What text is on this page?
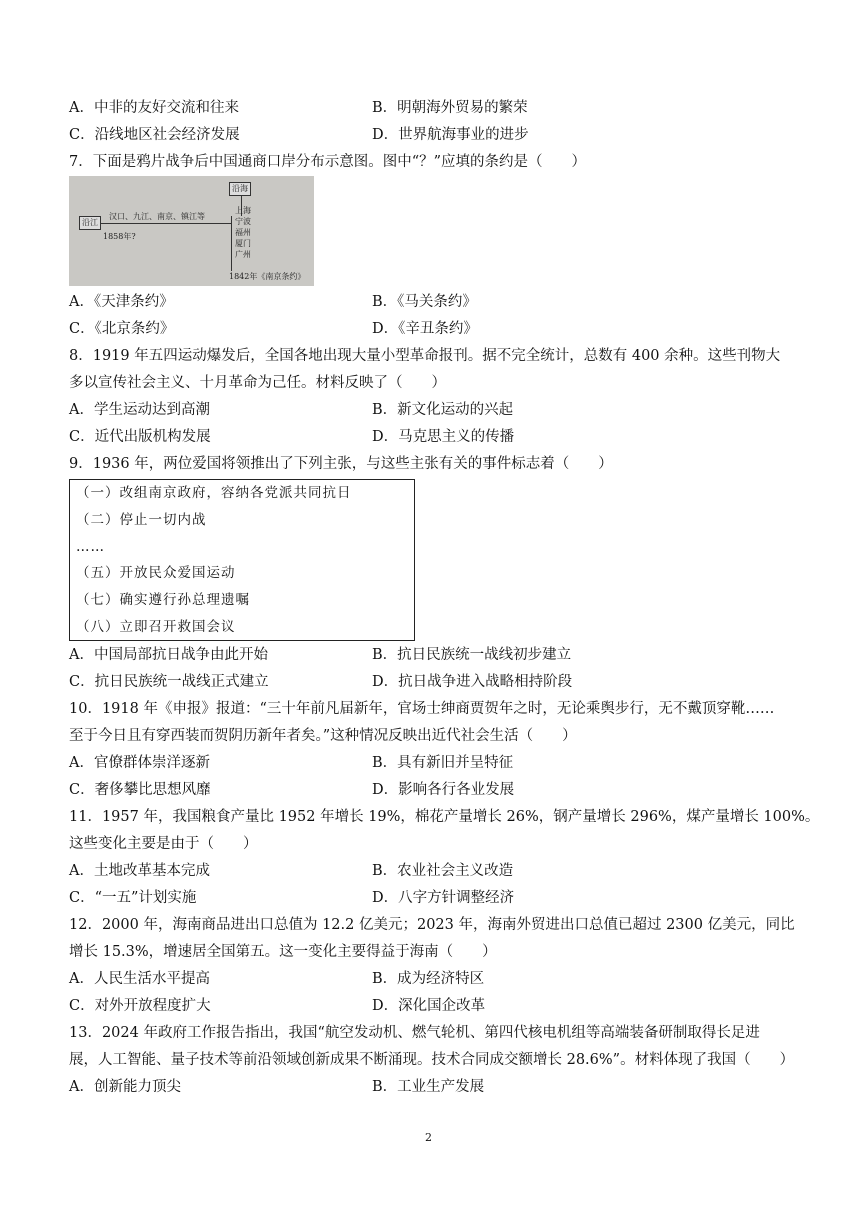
A．中非的友好交流和往来	B．明朝海外贸易的繁荣
C．沿线地区社会经济发展	D．世界航海事业的进步
7．下面是鸦片战争后中国通商口岸分布示意图。图中“？”应填的条约是（　　）
沿海
沿江
汉口、九江、南京、镇江等
1858年?
上海
宁波
福州
厦门
广州
1842年《南京条约》
A．《天津条约》	B．《马关条约》
C．《北京条约》	D．《辛丑条约》
8．1919 年五四运动爆发后，全国各地出现大量小型革命报刊。据不完全统计，总数有 400 余种。这些刊物大
多以宣传社会主义、十月革命为己任。材料反映了（　　）
A．学生运动达到高潮	B．新文化运动的兴起
C．近代出版机构发展	D．马克思主义的传播
9．1936 年，两位爱国将领推出了下列主张，与这些主张有关的事件标志着（　　）
（一）改组南京政府，容纳各党派共同抗日
（二）停止一切内战
……
（五）开放民众爱国运动
（七）确实遵行孙总理遗嘱
（八）立即召开救国会议
A．中国局部抗日战争由此开始	B．抗日民族统一战线初步建立
C．抗日民族统一战线正式建立	D．抗日战争进入战略相持阶段
10．1918 年《申报》报道：“三十年前凡届新年，官场士绅商贾贺年之时，无论乘舆步行，无不戴顶穿靴……
至于今日且有穿西装而贺阴历新年者矣。”这种情况反映出近代社会生活（　　）
A．官僚群体崇洋逐新	B．具有新旧并呈特征
C．奢侈攀比思想风靡	D．影响各行各业发展
11．1957 年，我国粮食产量比 1952 年增长 19%，棉花产量增长 26%，钢产量增长 296%，煤产量增长 100%。
这些变化主要是由于（　　）
A．土地改革基本完成	B．农业社会主义改造
C．“一五”计划实施	D．八字方针调整经济
12．2000 年，海南商品进出口总值为 12.2 亿美元；2023 年，海南外贸进出口总值已超过 2300 亿美元，同比
增长 15.3%，增速居全国第五。这一变化主要得益于海南（　　）
A．人民生活水平提高	B．成为经济特区
C．对外开放程度扩大	D．深化国企改革
13．2024 年政府工作报告指出，我国“航空发动机、燃气轮机、第四代核电机组等高端装备研制取得长足进
展，人工智能、量子技术等前沿领域创新成果不断涌现。技术合同成交额增长 28.6%”。材料体现了我国（　　）
A．创新能力顶尖	B．工业生产发展
2
